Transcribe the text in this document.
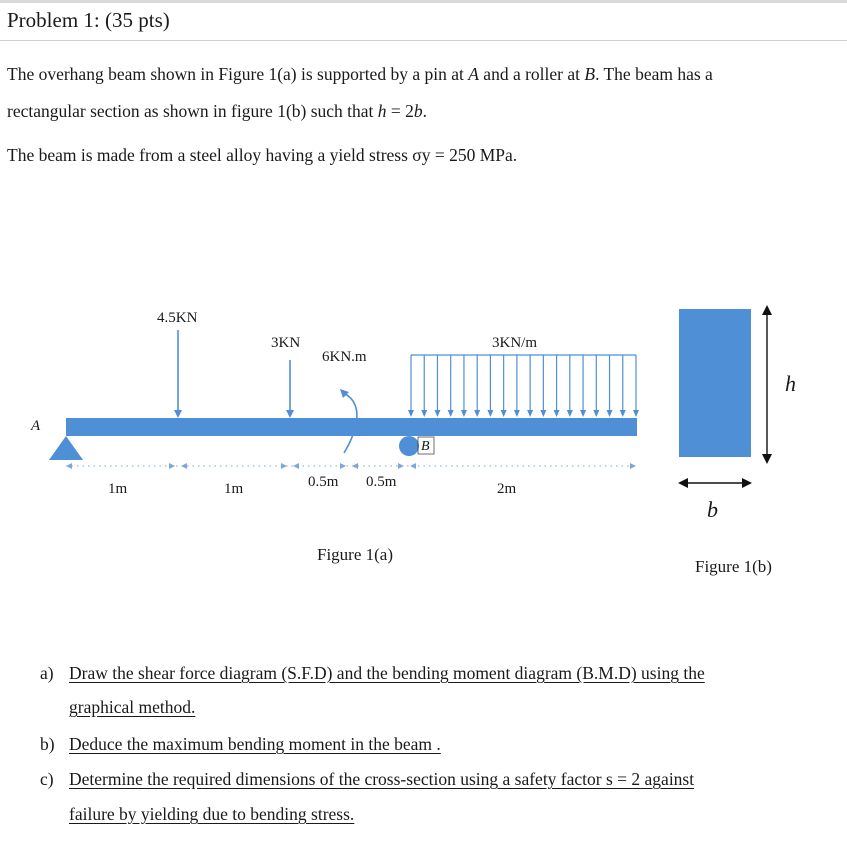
Problem 1: (35 pts)
The overhang beam shown in Figure 1(a) is supported by a pin at A and a roller at B. The beam has a
rectangular section as shown in figure 1(b) such that h = 2b.
The beam is made from a steel alloy having a yield stress σy = 250 MPa.
A
B
4.5KN
3KN
6KN.m
3KN/m
1m	1m	0.5m 0.5m	2m
Figure 1(a)
h
b
Figure 1(b)
a) Draw the shear force diagram (S.F.D) and the bending moment diagram (B.M.D) using the
graphical method.
b) Deduce the maximum bending moment in the beam .
c) Determine the required dimensions of the cross-section using a safety factor s = 2 against
failure by yielding due to bending stress.
